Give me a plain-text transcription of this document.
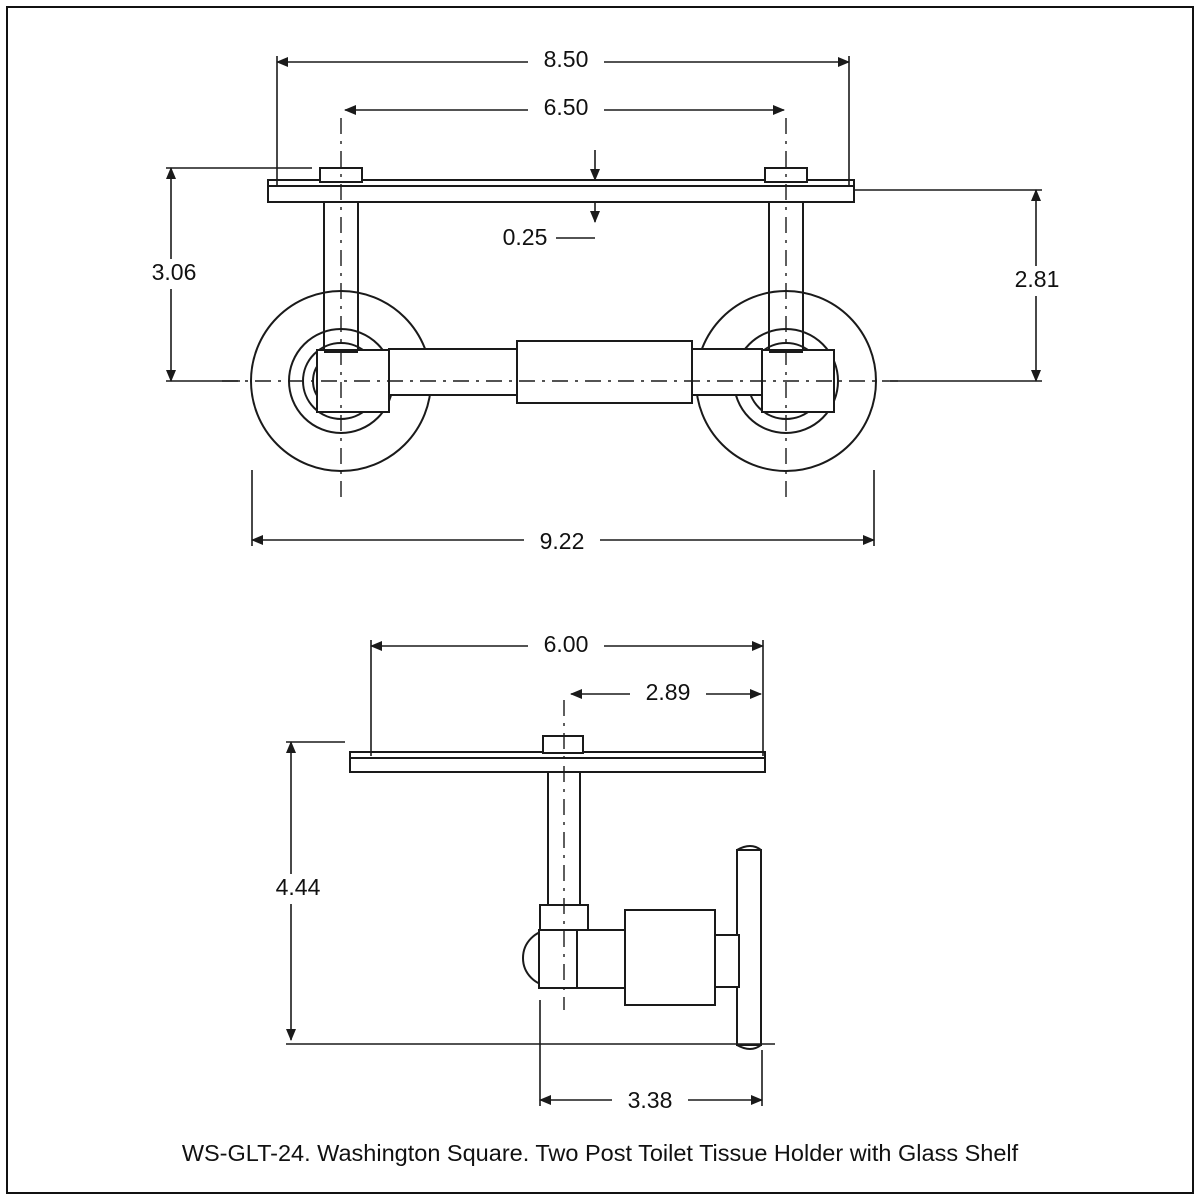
8.50
6.50
0.25
3.06	2.81
9.22
6.00
2.89
4.44
3.38
WS-GLT-24. Washington Square. Two Post Toilet Tissue Holder with Glass Shelf
